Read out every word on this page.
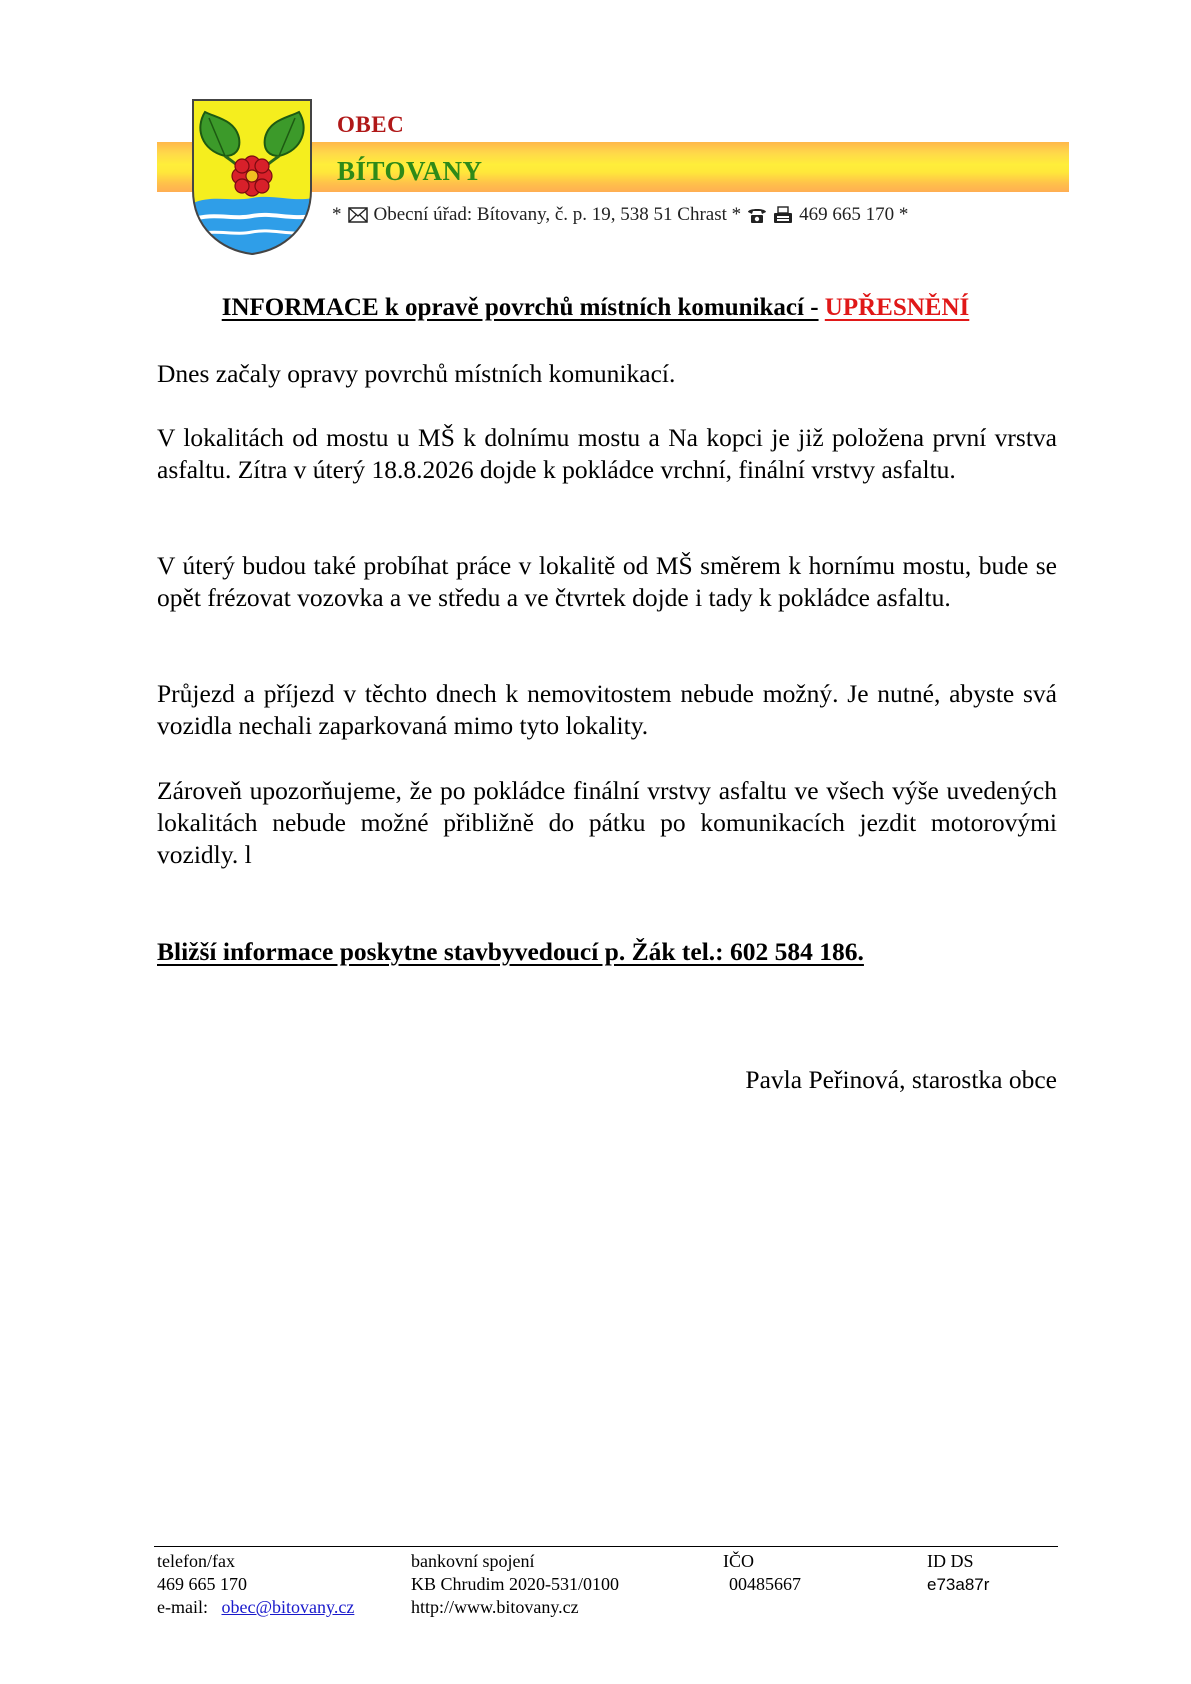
OBEC
BÍTOVANY
* Obecní úřad: Bítovany, č. p. 19, 538 51 Chrast *	469 665 170 *
INFORMACE k opravě povrchů místních komunikací - UPŘESNĚNÍ

Dnes začaly opravy povrchů místních komunikací.

V lokalitách od mostu u MŠ k dolnímu mostu a Na kopci je již položena první vrstva asfaltu. Zítra v úterý 18.8.2026 dojde k pokládce vrchní, finální vrstvy asfaltu.

V úterý budou také probíhat práce v lokalitě od MŠ směrem k hornímu mostu, bude se opět frézovat vozovka a ve středu a ve čtvrtek dojde i tady k pokládce asfaltu.

Průjezd a příjezd v těchto dnech k nemovitostem nebude možný. Je nutné, abyste svá vozidla nechali zaparkovaná mimo tyto lokality.

Zároveň upozorňujeme, že po pokládce finální vrstvy asfaltu ve všech výše uvedených lokalitách nebude možné přibližně do pátku po komunikacích jezdit motorovými vozidly. l

Bližší informace poskytne stavbyvedoucí p. Žák tel.: 602 584 186.
Pavla Peřinová, starostka obce
telefon/fax
469 665 170
e-mail: obec@bitovany.cz
bankovní spojení
KB Chrudim 2020-531/0100
http://www.bitovany.cz
IČO
00485667
ID DS
e73a87r
